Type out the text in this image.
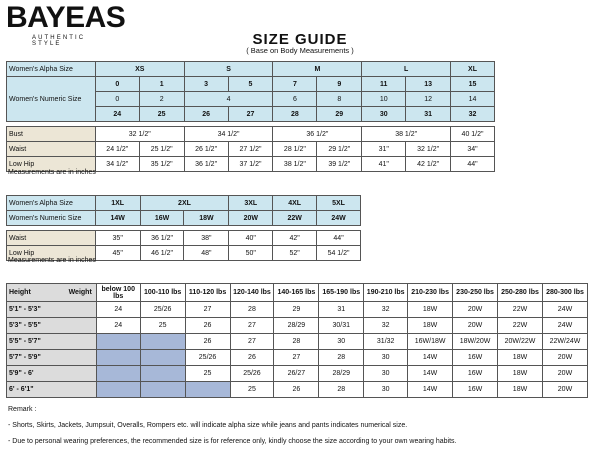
BAYEAS
AUTHENTIC STYLE	SIZE GUIDE
( Base on Body Measurements )
Women's Alpha Size	XS		S		M		L		XL
Women's Numeric Size	0	1	3	5	7	9	11	13	15
	0	2	4		6	8	10	12	14
	24	25	26	27	28	29	30	31	32

Bust	32 1/2"		34 1/2"		36 1/2"		38 1/2"		40 1/2"
Waist	24 1/2"	25 1/2"	26 1/2"	27 1/2"	28 1/2"	29 1/2"	31"	32 1/2"	34"
Low Hip	34 1/2"	35 1/2"	36 1/2"	37 1/2"	38 1/2"	39 1/2"	41"	42 1/2"	44"
Measurements are in inches
Women's Alpha Size	1XL	2XL		3XL	4XL	5XL
Women's Numeric Size	14W	16W	18W	20W	22W	24W

Waist	35"	36 1/2"	38"	40"	42"	44"
Low Hip	45"	46 1/2"	48"	50"	52"	54 1/2"
Measurements are in inches
Height Weight	below 100 lbs	100-110 lbs	110-120 lbs	120-140 lbs	140-165 lbs	165-190 lbs	190-210 lbs	210-230 lbs	230-250 lbs	250-280 lbs	280-300 lbs
5'1" - 5'3"	24	25/26	27	28	29	31	32	18W	20W	22W	24W
5'3" - 5'5"	24	25	26	27	28/29	30/31	32	18W	20W	22W	24W
5'5" - 5'7"			26	27	28	30	31/32	16W/18W	18W/20W	20W/22W	22W/24W
5'7" - 5'9"			25/26	26	27	28	30	14W	16W	18W	20W
5'9" - 6'			25	25/26	26/27	28/29	30	14W	16W	18W	20W
6' - 6'1"				25	26	28	30	14W	16W	18W	20W
Remark :
- Shorts, Skirts, Jackets, Jumpsuit, Overalls, Rompers etc. will indicate alpha size while jeans and pants indicates numerical size.
- Due to personal wearing preferences, the recommended size is for reference only, kindly choose the size according to your own wearing habits.
